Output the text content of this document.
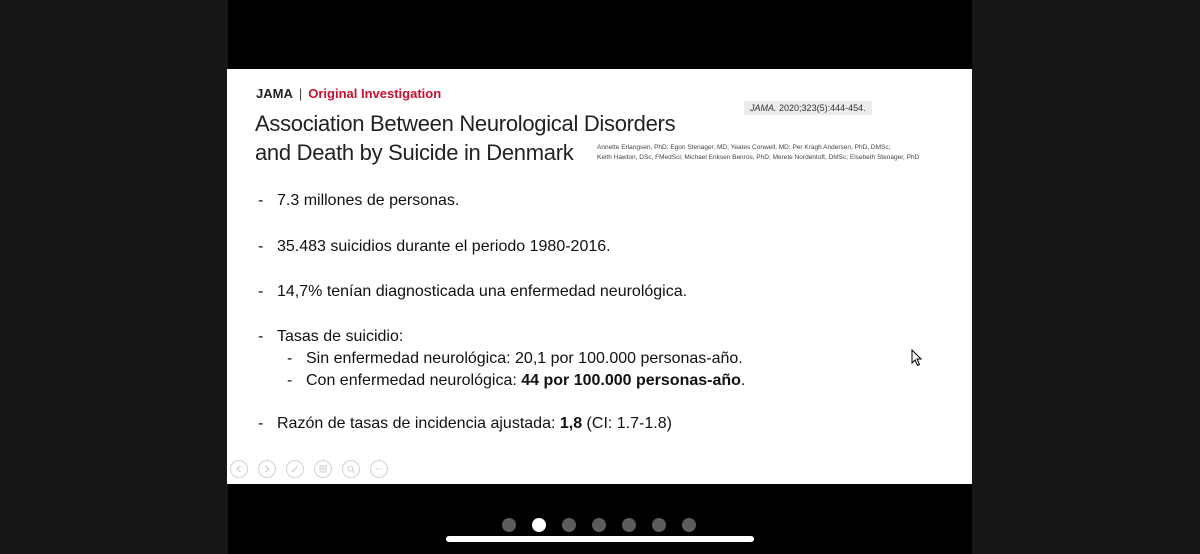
JAMA | Original Investigation
JAMA. 2020;323(5):444-454.
Association Between Neurological Disorders
and Death by Suicide in Denmark	Annette Erlangsen, PhD; Egon Stenager, MD; Yeates Conwell, MD; Per Kragh Andersen, PhD, DMSc;
Keith Hawton, DSc, FMedSci; Michael Eriksen Benros, PhD; Merete Nordentoft, DMSc; Elsebeth Stenager, PhD
- 7.3 millones de personas.
- 35.483 suicidios durante el periodo 1980-2016.
- 14,7% tenían diagnosticada una enfermedad neurológica.
- Tasas de suicidio:
- Sin enfermedad neurológica: 20,1 por 100.000 personas-año.
- Con enfermedad neurológica: 44 por 100.000 personas-año.
- Razón de tasas de incidencia ajustada: 1,8 (CI: 1.7-1.8)
